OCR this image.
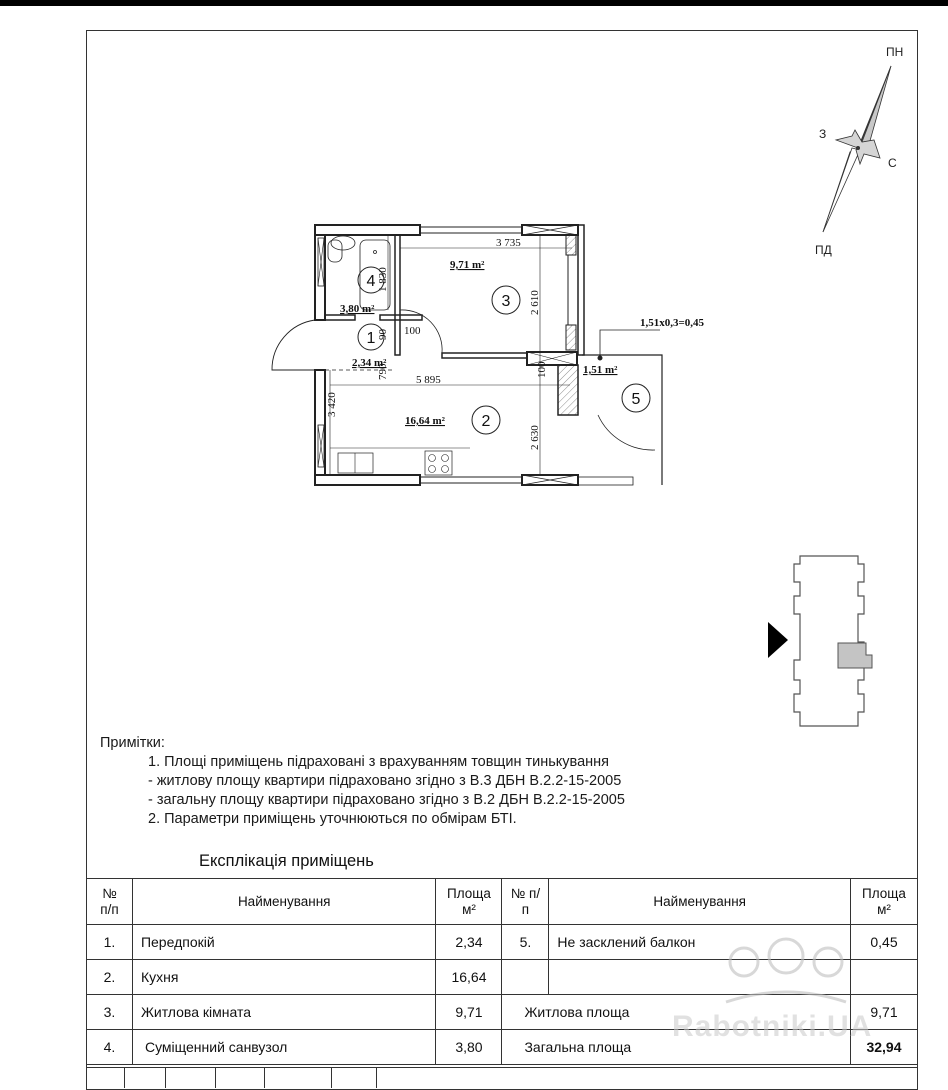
ПН
З
С
ПД
4
1
3
2
5
3,80 m²
2,34 m²
9,71 m²
16,64 m²
1,51 m²
3 735
5 895
2 610
2 630
3 420
1 830
100
100
90
790
1,51x0,3=0,45
Примітки:
1. Площі приміщень підраховані з врахуванням товщин тинькування
- житлову площу квартири підраховано згідно з В.3 ДБН В.2.2-15-2005
- загальну площу квартири підраховано згідно з В.2 ДБН В.2.2-15-2005
2. Параметри приміщень уточнюються по обмірам БТІ.
Експлікація приміщень
№ п/п	Найменування	Площа м²	№ п/п	Найменування	Площа м²
1.	Передпокій	2,34	5.	Не засклений балкон	0,45
2.	Кухня	16,64			
3.	Житлова кімната	9,71	Житлова площа		9,71
4.	Суміщенний санвузол	3,80	Загальна площа		32,94
Rabotniki.UA
